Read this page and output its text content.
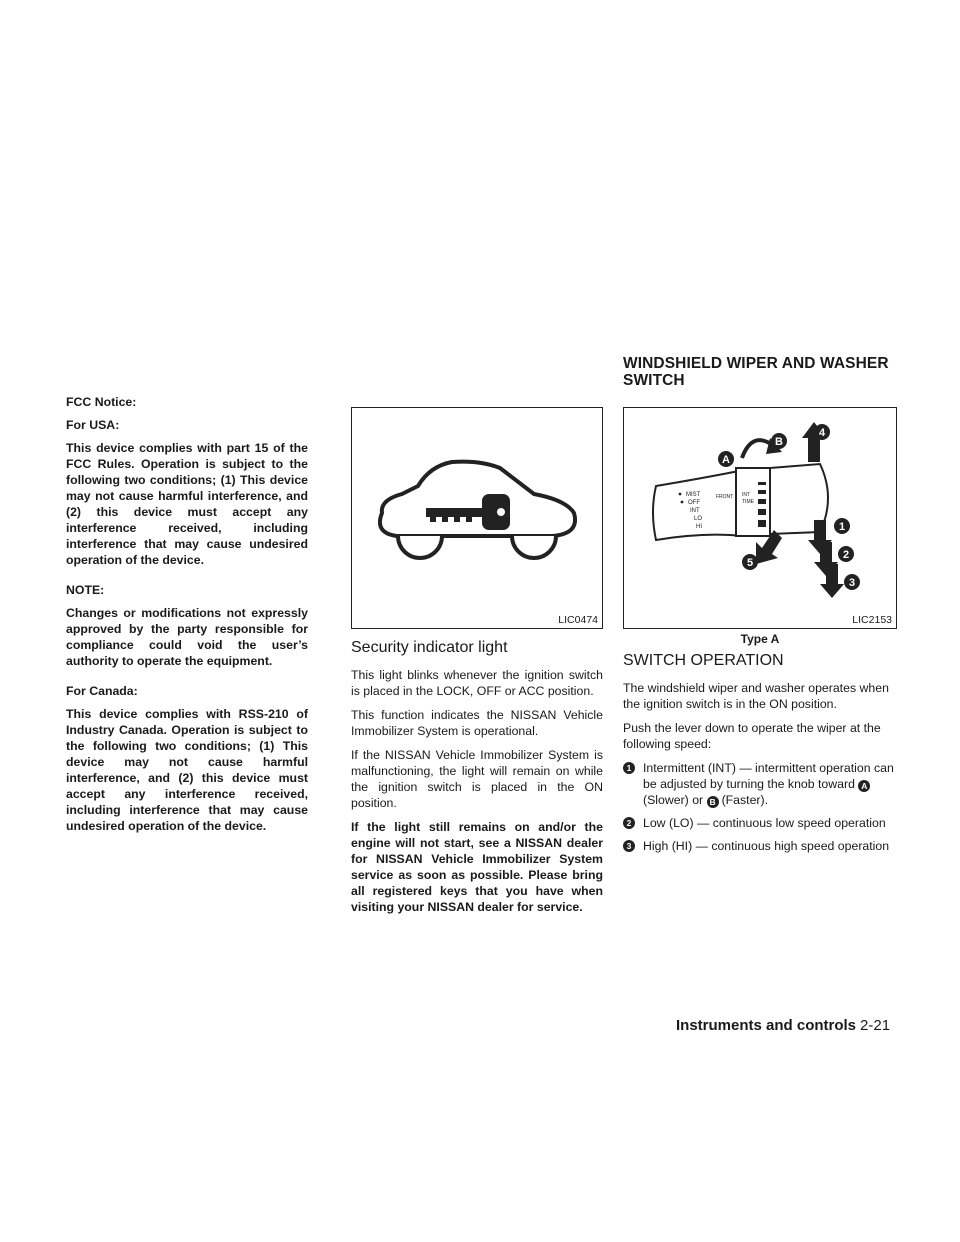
WINDSHIELD WIPER AND WASHER
SWITCH
FCC Notice:
For USA:
This device complies with part 15 of the FCC Rules. Operation is subject to the following two conditions; (1) This device may not cause harmful interference, and (2) this device must accept any interference received, including interference that may cause undesired operation of the device.
NOTE:
Changes or modifications not expressly approved by the party responsible for compliance could void the user’s authority to operate the equipment.
For Canada:
This device complies with RSS-210 of Industry Canada. Operation is subject to the following two conditions; (1) This device may not cause harmful interference, and (2) this device must accept any interference received, including interference that may cause undesired operation of the device.
LIC0474
Security indicator light

This light blinks whenever the ignition switch is placed in the LOCK, OFF or ACC position.

This function indicates the NISSAN Vehicle Immobilizer System is operational.

If the NISSAN Vehicle Immobilizer System is malfunctioning, the light will remain on while the ignition switch is placed in the ON position.

If the light still remains on and/or the engine will not start, see a NISSAN dealer for NISSAN Vehicle Immobilizer System service as soon as possible. Please bring all registered keys that you have when visiting your NISSAN dealer for service.
MIST
OFF
INT
LO
HI
FRONT INT
TIME
A
B
4
1
2
3
5
LIC2153
Type A
SWITCH OPERATION

The windshield wiper and washer operates when the ignition switch is in the ON position.

Push the lever down to operate the wiper at the following speed:

1 Intermittent (INT) — intermittent operation can be adjusted by turning the knob toward A(Slower) or B (Faster).
2 Low (LO) — continuous low speed operation
3 High (HI) — continuous high speed operation
Instruments and controls 2-21
